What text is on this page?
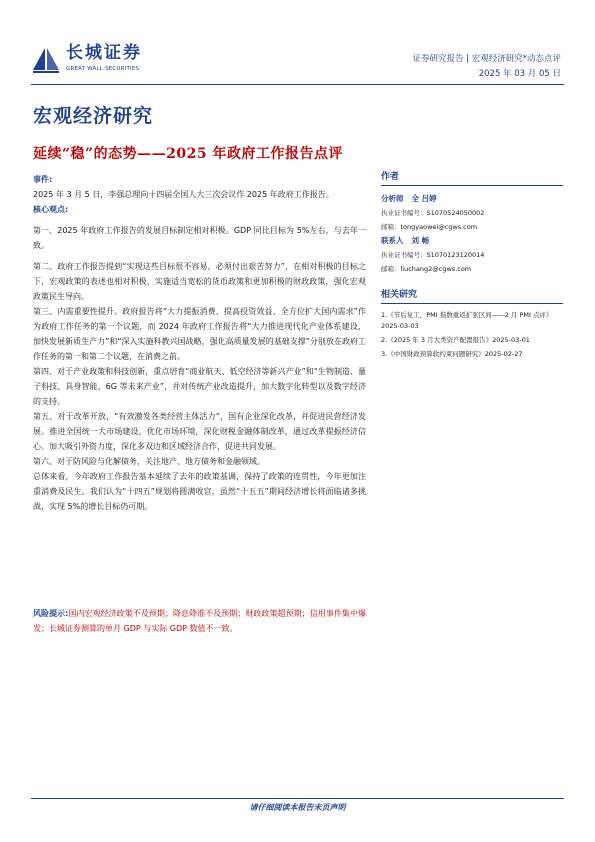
长城证券
GREAT WALL SECURITIES
证券研究报告 | 宏观经济研究*动态点评
2025 年 03 月 05 日
宏观经济研究
延续“稳”的态势——2025 年政府工作报告点评
事件:
2025 年 3 月 5 日，李强总理向十四届全国人大三次会议作 2025 年政府工作报告。
核心观点:
第一、2025 年政府工作报告的发展目标制定相对积极。GDP 同比目标为 5%左右，与去年一致。
第二、政府工作报告提到“实现这些目标很不容易，必须付出艰苦努力”，在相对积极的目标之下，宏观政策的表述也相对积极，实施适当宽松的货币政策和更加积极的财政政策，强化宏观政策民生导向。
第三、内需重要性提升。政府报告将“大力提振消费、提高投资效益、全方位扩大国内需求”作为政府工作任务的第一个议题，而 2024 年政府工作报告将“大力推进现代化产业体系建设，加快发展新质生产力”和“深入实施科教兴国战略，强化高质量发展的基础支撑”分别放在政府工作任务的第一和第二个议题，在消费之前。
第四、对于产业政策和科技创新，重点培育“商业航天、低空经济等新兴产业”和“生物制造、量子科技、具身智能、6G 等未来产业”，并对传统产业改造提升，加大数字化转型以及数字经济的支持。
第五、对于改革开放，“有效激发各类经营主体活力”，国有企业深化改革，并促进民营经济发展。推进全国统一大市场建设，优化市场环境，深化财税金融体制改革，通过改革提振经济信心。加大吸引外资力度，深化多双边和区域经济合作，促进共同发展。
第六、对于防风险与化解债务，关注地产、地方债务和金融领域。
总体来看，今年政府工作报告基本延续了去年的政策基调，保持了政策的连贯性，今年更加注重消费及民生。我们认为“十四五”规划将圆满收官，虽然“十五五”期间经济增长将面临诸多挑战，实现 5%的增长目标仍可期。
风险提示:国内宏观经济政策不及预期；降息降准不及预期；财政政策超预期；信用事件集中爆发；长城证券测算的单月 GDP 与实际 GDP 数值不一致。
作者
分析师 全 吕婷
执业证书编号：S1070524050002
邮箱：tongyaowei@cgws.com
联系人 刘 畅
执业证书编号：S1070123120014
邮箱：liuchang2@cgws.com
相关研究
1.《节后复工，PMI 指数重返扩张区间——2 月 PMI 点评》2025-03-03
2.《2025 年 3 月大类资产配置报告》2025-03-01
3.《中国财政预算软约束问题研究》2025-02-27
请仔细阅读本报告末页声明
